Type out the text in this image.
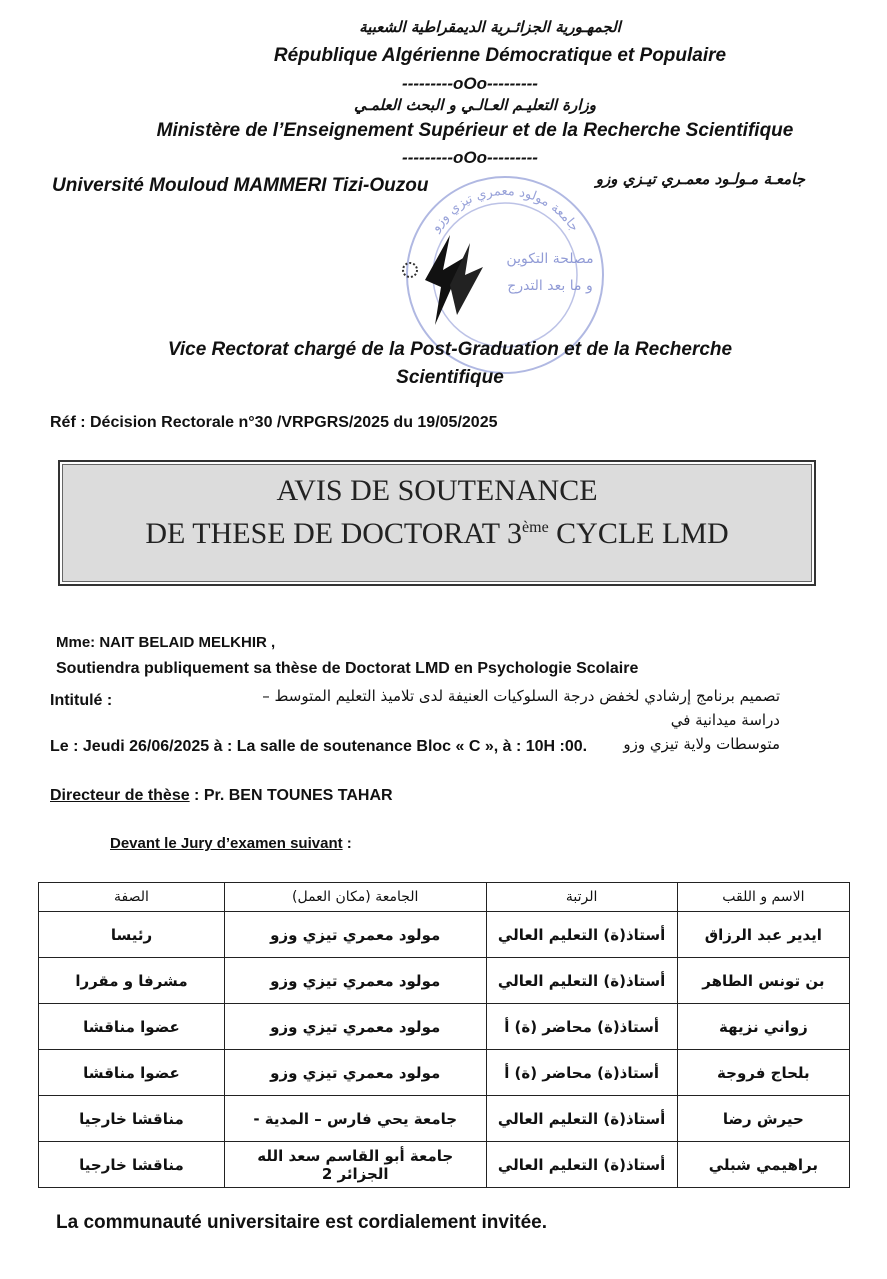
الجمهـورية الجزائـرية الديمقراطية الشعبية
République Algérienne Démocratique et Populaire
---------oOo---------
وزارة التعليـم العـالـي و البحث العلمـي
Ministère de l’Enseignement Supérieur et de la Recherche Scientifique
---------oOo---------
Université Mouloud MAMMERI Tizi-Ouzou	جامعـة مـولـود معمـري تيـزي وزو
جامعة مولود معمري تيزي وزو
مصلحة التكوين
و ما بعد التدرج
Vice Rectorat chargé de la Post-Graduation et de la Recherche
Scientifique
Réf : Décision Rectorale n°30 /VRPGRS/2025 du 19/05/2025
AVIS DE SOUTENANCE
DE THESE DE DOCTORAT 3ème CYCLE LMD
Mme: NAIT BELAID MELKHIR ,
Soutiendra publiquement sa thèse de Doctorat LMD en Psychologie Scolaire
Intitulé :	تصميم برنامج إرشادي لخفض درجة السلوكيات العنيفة لدى تلاميذ التعليم المتوسط – دراسة ميدانية في
متوسطات ولاية تيزي وزو
Le : Jeudi 26/06/2025 à : La salle de soutenance Bloc « C », à : 10H :00.
Directeur de thèse : Pr. BEN TOUNES TAHAR
Devant le Jury d’examen suivant :
الاسم و اللقب	الرتبة	الجامعة (مكان العمل)	الصفة
ايدير عبد الرزاق	أستاذ(ة) التعليم العالي	مولود معمري تيزي وزو	رئيسا
بن تونس الطاهر	أستاذ(ة) التعليم العالي	مولود معمري تيزي وزو	مشرفا و مقررا
زواني نزيهة	أستاذ(ة) محاضر (ة) أ	مولود معمري تيزي وزو	عضوا مناقشا
بلحاج فروجة	أستاذ(ة) محاضر (ة) أ	مولود معمري تيزي وزو	عضوا مناقشا
حيرش رضا	أستاذ(ة) التعليم العالي	جامعة يحي فارس – المدية -	مناقشا خارجيا
براهيمي شبلي	أستاذ(ة) التعليم العالي	جامعة أبو القاسم سعد الله الجزائر 2	مناقشا خارجيا
La communauté universitaire est cordialement invitée.
